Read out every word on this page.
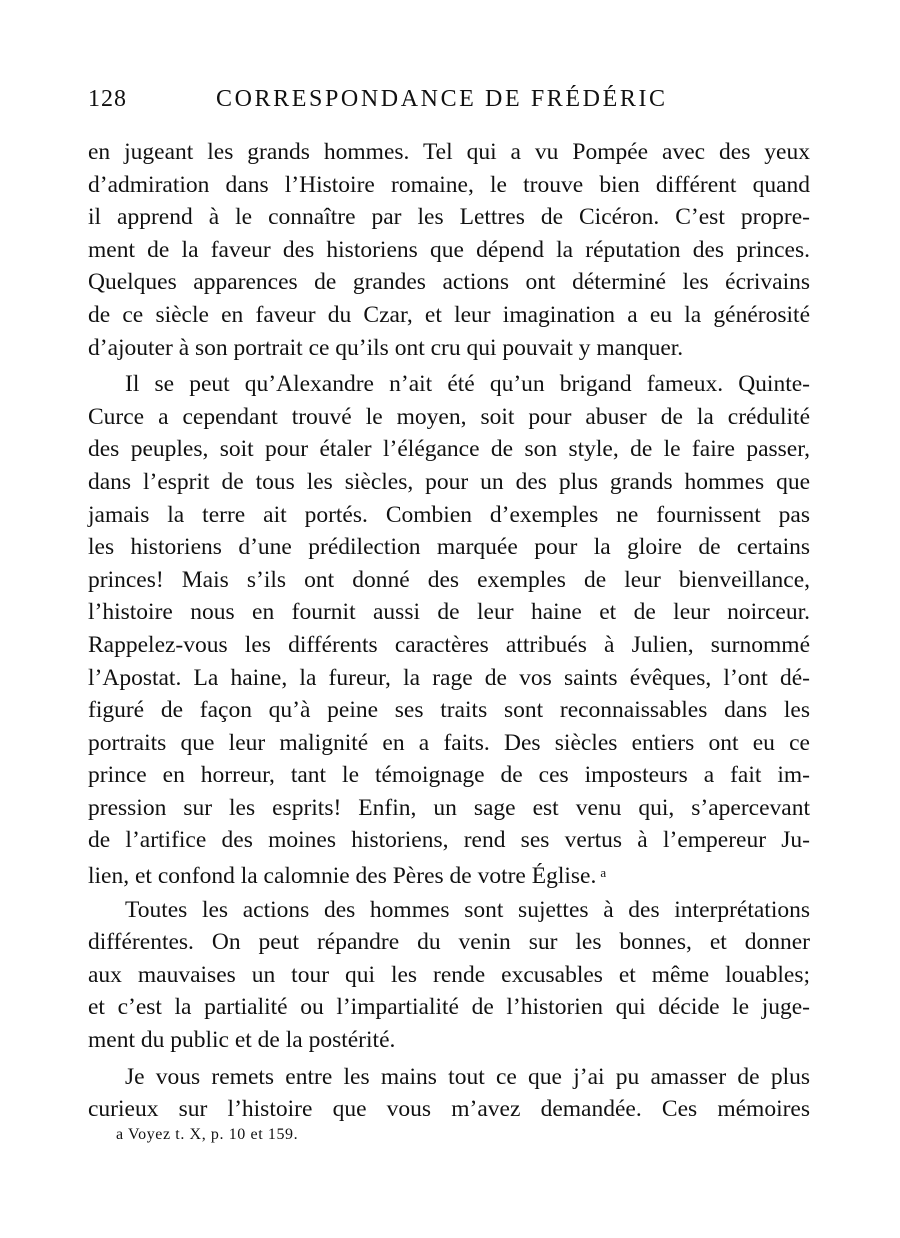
128	CORRESPONDANCE DE FRÉDÉRIC
en jugeant les grands hommes. Tel qui a vu Pompée avec des yeux
d’admiration dans l’Histoire romaine, le trouve bien différent quand
il apprend à le connaître par les Lettres de Cicéron. C’est propre-
ment de la faveur des historiens que dépend la réputation des princes.
Quelques apparences de grandes actions ont déterminé les écrivains
de ce siècle en faveur du Czar, et leur imagination a eu la générosité
d’ajouter à son portrait ce qu’ils ont cru qui pouvait y manquer.
Il se peut qu’Alexandre n’ait été qu’un brigand fameux. Quinte-
Curce a cependant trouvé le moyen, soit pour abuser de la crédulité
des peuples, soit pour étaler l’élégance de son style, de le faire passer,
dans l’esprit de tous les siècles, pour un des plus grands hommes que
jamais la terre ait portés. Combien d’exemples ne fournissent pas
les historiens d’une prédilection marquée pour la gloire de certains
princes! Mais s’ils ont donné des exemples de leur bienveillance,
l’histoire nous en fournit aussi de leur haine et de leur noirceur.
Rappelez-vous les différents caractères attribués à Julien, surnommé
l’Apostat. La haine, la fureur, la rage de vos saints évêques, l’ont dé-
figuré de façon qu’à peine ses traits sont reconnaissables dans les
portraits que leur malignité en a faits. Des siècles entiers ont eu ce
prince en horreur, tant le témoignage de ces imposteurs a fait im-
pression sur les esprits! Enfin, un sage est venu qui, s’apercevant
de l’artifice des moines historiens, rend ses vertus à l’empereur Ju-
lien, et confond la calomnie des Pères de votre Église. $^a$
Toutes les actions des hommes sont sujettes à des interprétations
différentes. On peut répandre du venin sur les bonnes, et donner
aux mauvaises un tour qui les rende excusables et même louables;
et c’est la partialité ou l’impartialité de l’historien qui décide le juge-
ment du public et de la postérité.
Je vous remets entre les mains tout ce que j’ai pu amasser de plus
curieux sur l’histoire que vous m’avez demandée. Ces mémoires
a Voyez t. X, p. 10 et 159.
